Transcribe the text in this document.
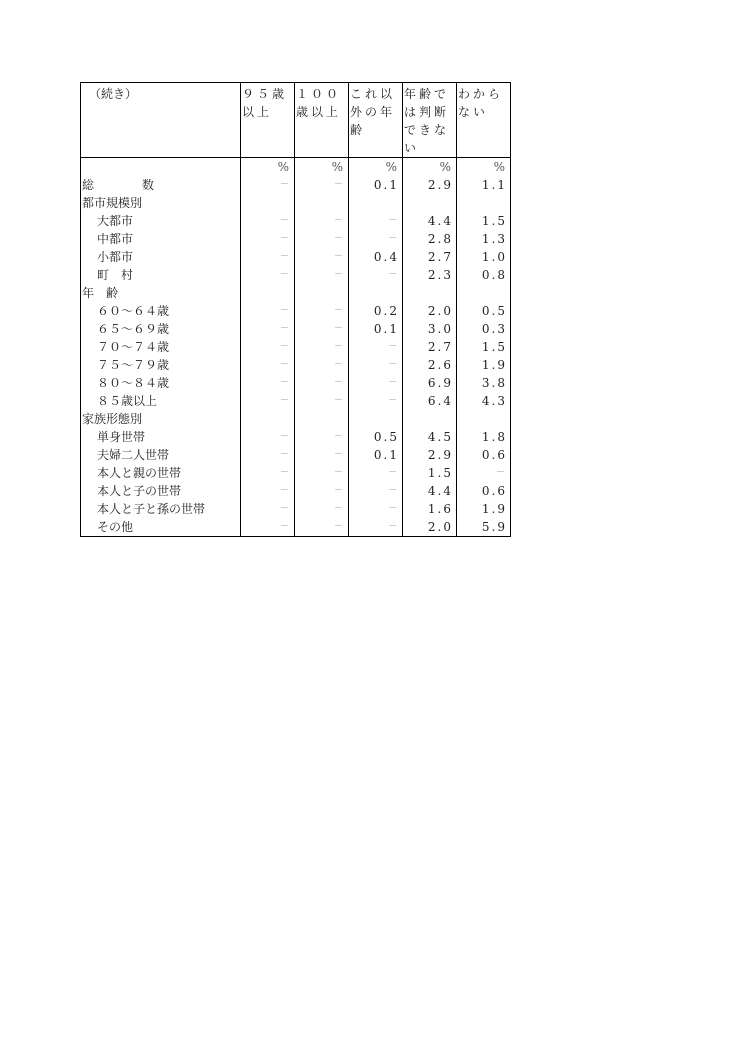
（続き）	９５歳以上	１００歳以上	これ以外の年齢	年齢では判断できない	わからない

	%	%	%	%	%
総　　　　数	－	－	0.1	2.9	1.1
都市規模別					
大都市	－	－	－	4.4	1.5
中都市	－	－	－	2.8	1.3
小都市	－	－	0.4	2.7	1.0
町　村	－	－	－	2.3	0.8
年　齢					
６０～６４歳	－	－	0.2	2.0	0.5
６５～６９歳	－	－	0.1	3.0	0.3
７０～７４歳	－	－	－	2.7	1.5
７５～７９歳	－	－	－	2.6	1.9
８０～８４歳	－	－	－	6.9	3.8
８５歳以上	－	－	－	6.4	4.3
家族形態別					
単身世帯	－	－	0.5	4.5	1.8
夫婦二人世帯	－	－	0.1	2.9	0.6
本人と親の世帯	－	－	－	1.5	－
本人と子の世帯	－	－	－	4.4	0.6
本人と子と孫の世帯	－	－	－	1.6	1.9
その他	－	－	－	2.0	5.9
